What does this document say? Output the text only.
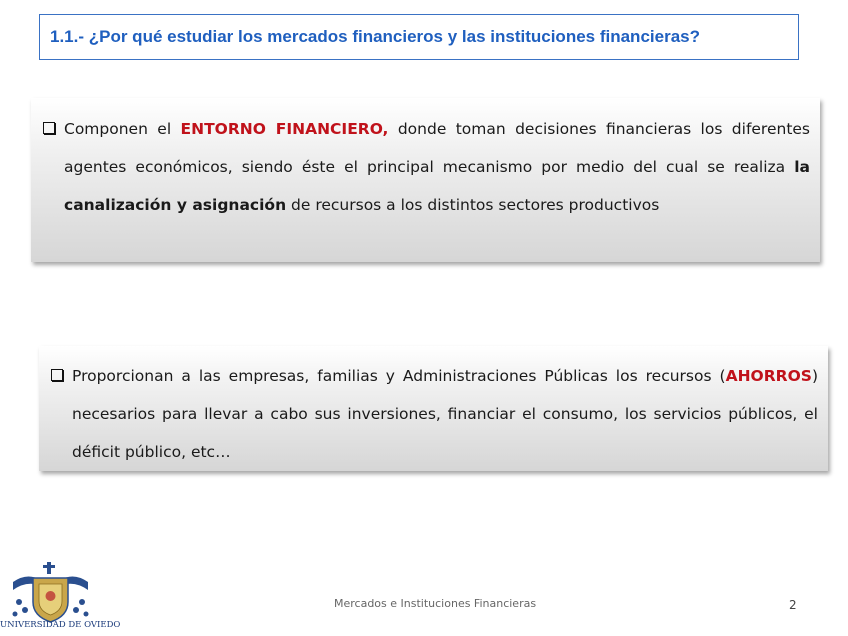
1.1.- ¿Por qué estudiar los mercados financieros y las instituciones financieras?

Componen el ENTORNO FINANCIERO, donde toman decisiones financieras los diferentes agentes económicos, siendo éste el principal mecanismo por medio del cual se realiza la canalización y asignación de recursos a los distintos sectores productivos

Proporcionan a las empresas, familias y Administraciones Públicas los recursos (AHORROS) necesarios para llevar a cabo sus inversiones, financiar el consumo, los servicios públicos, el déficit público, etc…

UNIVERSIDAD DE OVIEDO
Mercados e Instituciones Financieras	2
